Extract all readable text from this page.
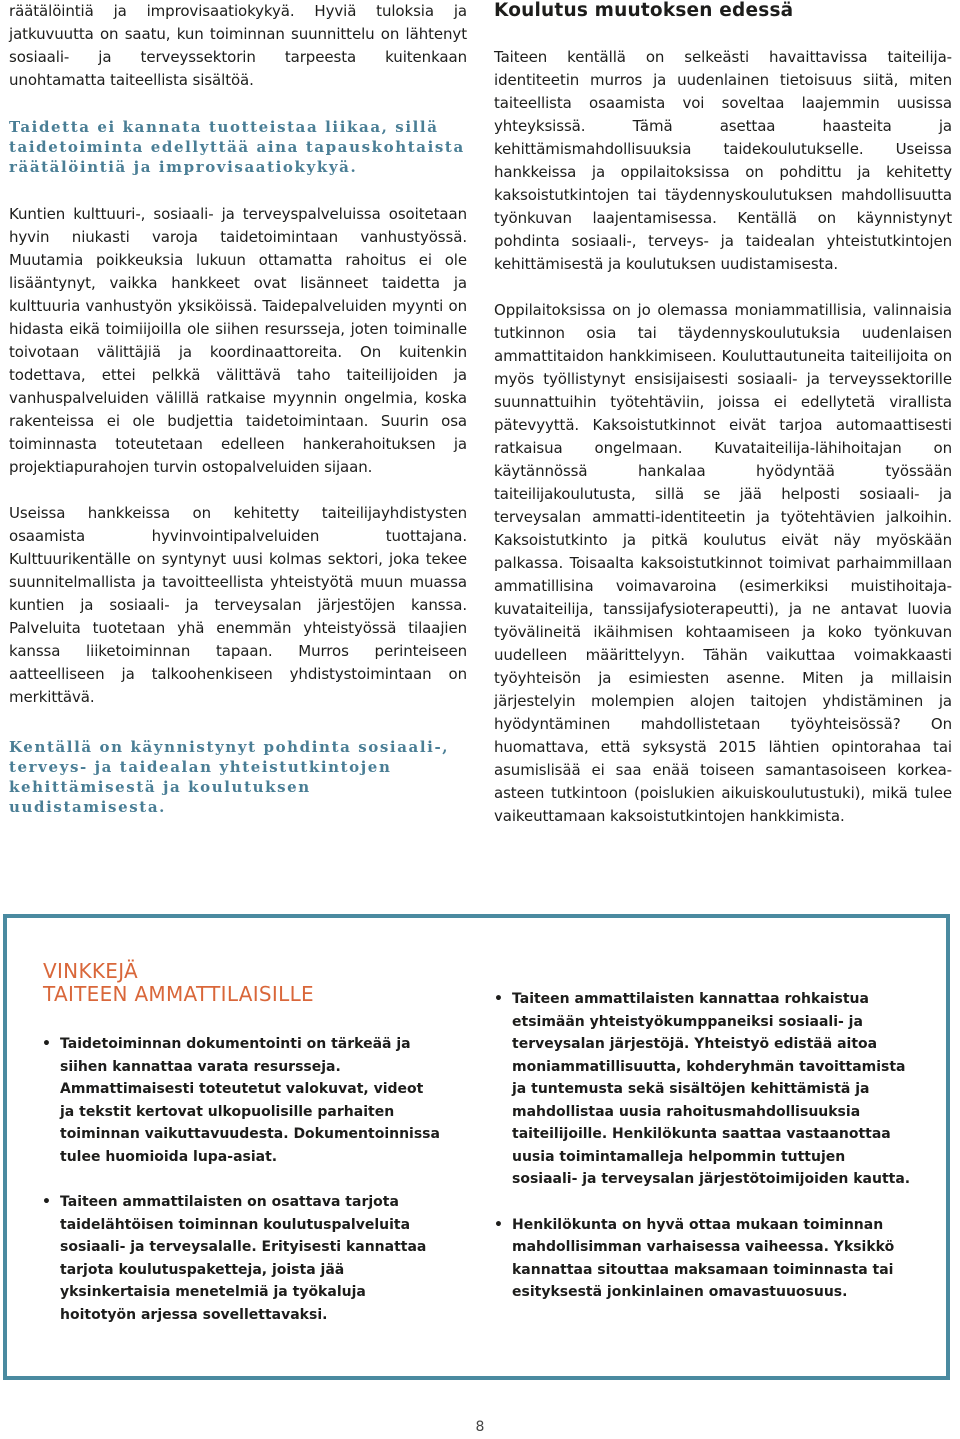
räätälöintiä ja improvisaatiokykyä. Hyviä tuloksia ja jatkuvuutta on saatu, kun toiminnan suunnittelu on lähtenyt sosiaali- ja terveyssektorin tarpeesta kuitenkaan unohtamatta taiteellista sisältöä.

Taidetta ei kannata tuotteistaa liikaa, sillä taidetoiminta edellyttää aina tapauskohtaista räätälöintiä ja improvisaatiokykyä.

Kuntien kulttuuri-, sosiaali- ja terveyspalveluissa osoitetaan hyvin niukasti varoja taidetoimintaan vanhustyössä. Muutamia poikkeuksia lukuun ottamatta rahoitus ei ole lisääntynyt, vaikka hankkeet ovat lisänneet taidetta ja kulttuuria vanhustyön yksiköissä. Taidepalveluiden myynti on hidasta eikä toimiijoilla ole siihen resursseja, joten toiminalle toivotaan välittäjiä ja koordinaattoreita. On kuitenkin todettava, ettei pelkkä välittävä taho taiteilijoiden ja vanhuspalveluiden välillä ratkaise myynnin ongelmia, koska rakenteissa ei ole budjettia taidetoimintaan. Suurin osa toiminnasta toteutetaan edelleen hankerahoituksen ja projektiapurahojen turvin ostopalveluiden sijaan.

Useissa hankkeissa on kehitetty taiteilijayhdistysten osaamista hyvinvointipalveluiden tuottajana. Kulttuurikentälle on syntynyt uusi kolmas sektori, joka tekee suunnitelmallista ja tavoitteellista yhteistyötä muun muassa kuntien ja sosiaali- ja terveysalan järjestöjen kanssa. Palveluita tuotetaan yhä enemmän yhteistyössä tilaajien kanssa liiketoiminnan tapaan. Murros perinteiseen aatteelliseen ja talkoohenkiseen yhdistystoimintaan on merkittävä.

Kentällä on käynnistynyt pohdinta sosiaali-, terveys- ja taidealan yhteistutkintojen kehittämisestä ja koulutuksen uudistamisesta.

Koulutus muutoksen edessä

Taiteen kentällä on selkeästi havaittavissa taiteilija-identiteetin murros ja uudenlainen tietoisuus siitä, miten taiteellista osaamista voi soveltaa laajemmin uusissa yhteyksissä. Tämä asettaa haasteita ja kehittämismahdollisuuksia taidekoulutukselle. Useissa hankkeissa ja oppilaitoksissa on pohdittu ja kehitetty kaksoistutkintojen tai täydennyskoulutuksen mahdollisuutta työnkuvan laajentamisessa. Kentällä on käynnistynyt pohdinta sosiaali-, terveys- ja taidealan yhteistutkintojen kehittämisestä ja koulutuksen uudistamisesta.

Oppilaitoksissa on jo olemassa moniammatillisia, valinnaisia tutkinnon osia tai täydennyskoulutuksia uudenlaisen ammattitaidon hankkimiseen. Kouluttautuneita taiteilijoita on myös työllistynyt ensisijaisesti sosiaali- ja terveyssektorille suunnattuihin työtehtäviin, joissa ei edellytetä virallista pätevyyttä. Kaksoistutkinnot eivät tarjoa automaattisesti ratkaisua ongelmaan. Kuvataiteilija-lähihoitajan on käytännössä hankalaa hyödyntää työssään taiteilijakoulutusta, sillä se jää helposti sosiaali- ja terveysalan ammatti-identiteetin ja työtehtävien jalkoihin. Kaksoistutkinto ja pitkä koulutus eivät näy myöskään palkassa. Toisaalta kaksoistutkinnot toimivat parhaimmillaan ammatillisina voimavaroina (esimerkiksi muistihoitaja-kuvataiteilija, tanssijafysioterapeutti), ja ne antavat luovia työvälineitä ikäihmisen kohtaamiseen ja koko työnkuvan uudelleen määrittelyyn. Tähän vaikuttaa voimakkaasti työyhteisön ja esimiesten asenne. Miten ja millaisin järjestelyin molempien alojen taitojen yhdistäminen ja hyödyntäminen mahdollistetaan työyhteisössä? On huomattava, että syksystä 2015 lähtien opintorahaa tai asumislisää ei saa enää toiseen samantasoiseen korkea-asteen tutkintoon (poislukien aikuiskoulutustuki), mikä tulee vaikeuttamaan kaksoistutkintojen hankkimista.

VINKKEJÄ
TAITEEN AMMATTILAISILLE
• Taidetoiminnan dokumentointi on tärkeää ja siihen kannattaa varata resursseja. Ammattimaisesti toteutetut valokuvat, videot ja tekstit kertovat ulkopuolisille parhaiten toiminnan vaikuttavuudesta. Dokumentoinnissa tulee huomioida lupa-asiat.
• Taiteen ammattilaisten on osattava tarjota taidelähtöisen toiminnan koulutuspalveluita sosiaali- ja terveysalalle. Erityisesti kannattaa tarjota koulutuspaketteja, joista jää yksinkertaisia menetelmiä ja työkaluja hoitotyön arjessa sovellettavaksi.
• Taiteen ammattilaisten kannattaa rohkaistua etsimään yhteistyökumppaneiksi sosiaali- ja terveysalan järjestöjä. Yhteistyö edistää aitoa moniammatillisuutta, kohderyhmän tavoittamista ja tuntemusta sekä sisältöjen kehittämistä ja mahdollistaa uusia rahoitusmahdollisuuksia taiteilijoille. Henkilökunta saattaa vastaanottaa uusia toimintamalleja helpommin tuttujen sosiaali- ja terveysalan järjestötoimijoiden kautta.
• Henkilökunta on hyvä ottaa mukaan toiminnan mahdollisimman varhaisessa vaiheessa. Yksikkö kannattaa sitouttaa maksamaan toiminnasta tai esityksestä jonkinlainen omavastuuosuus.
8
